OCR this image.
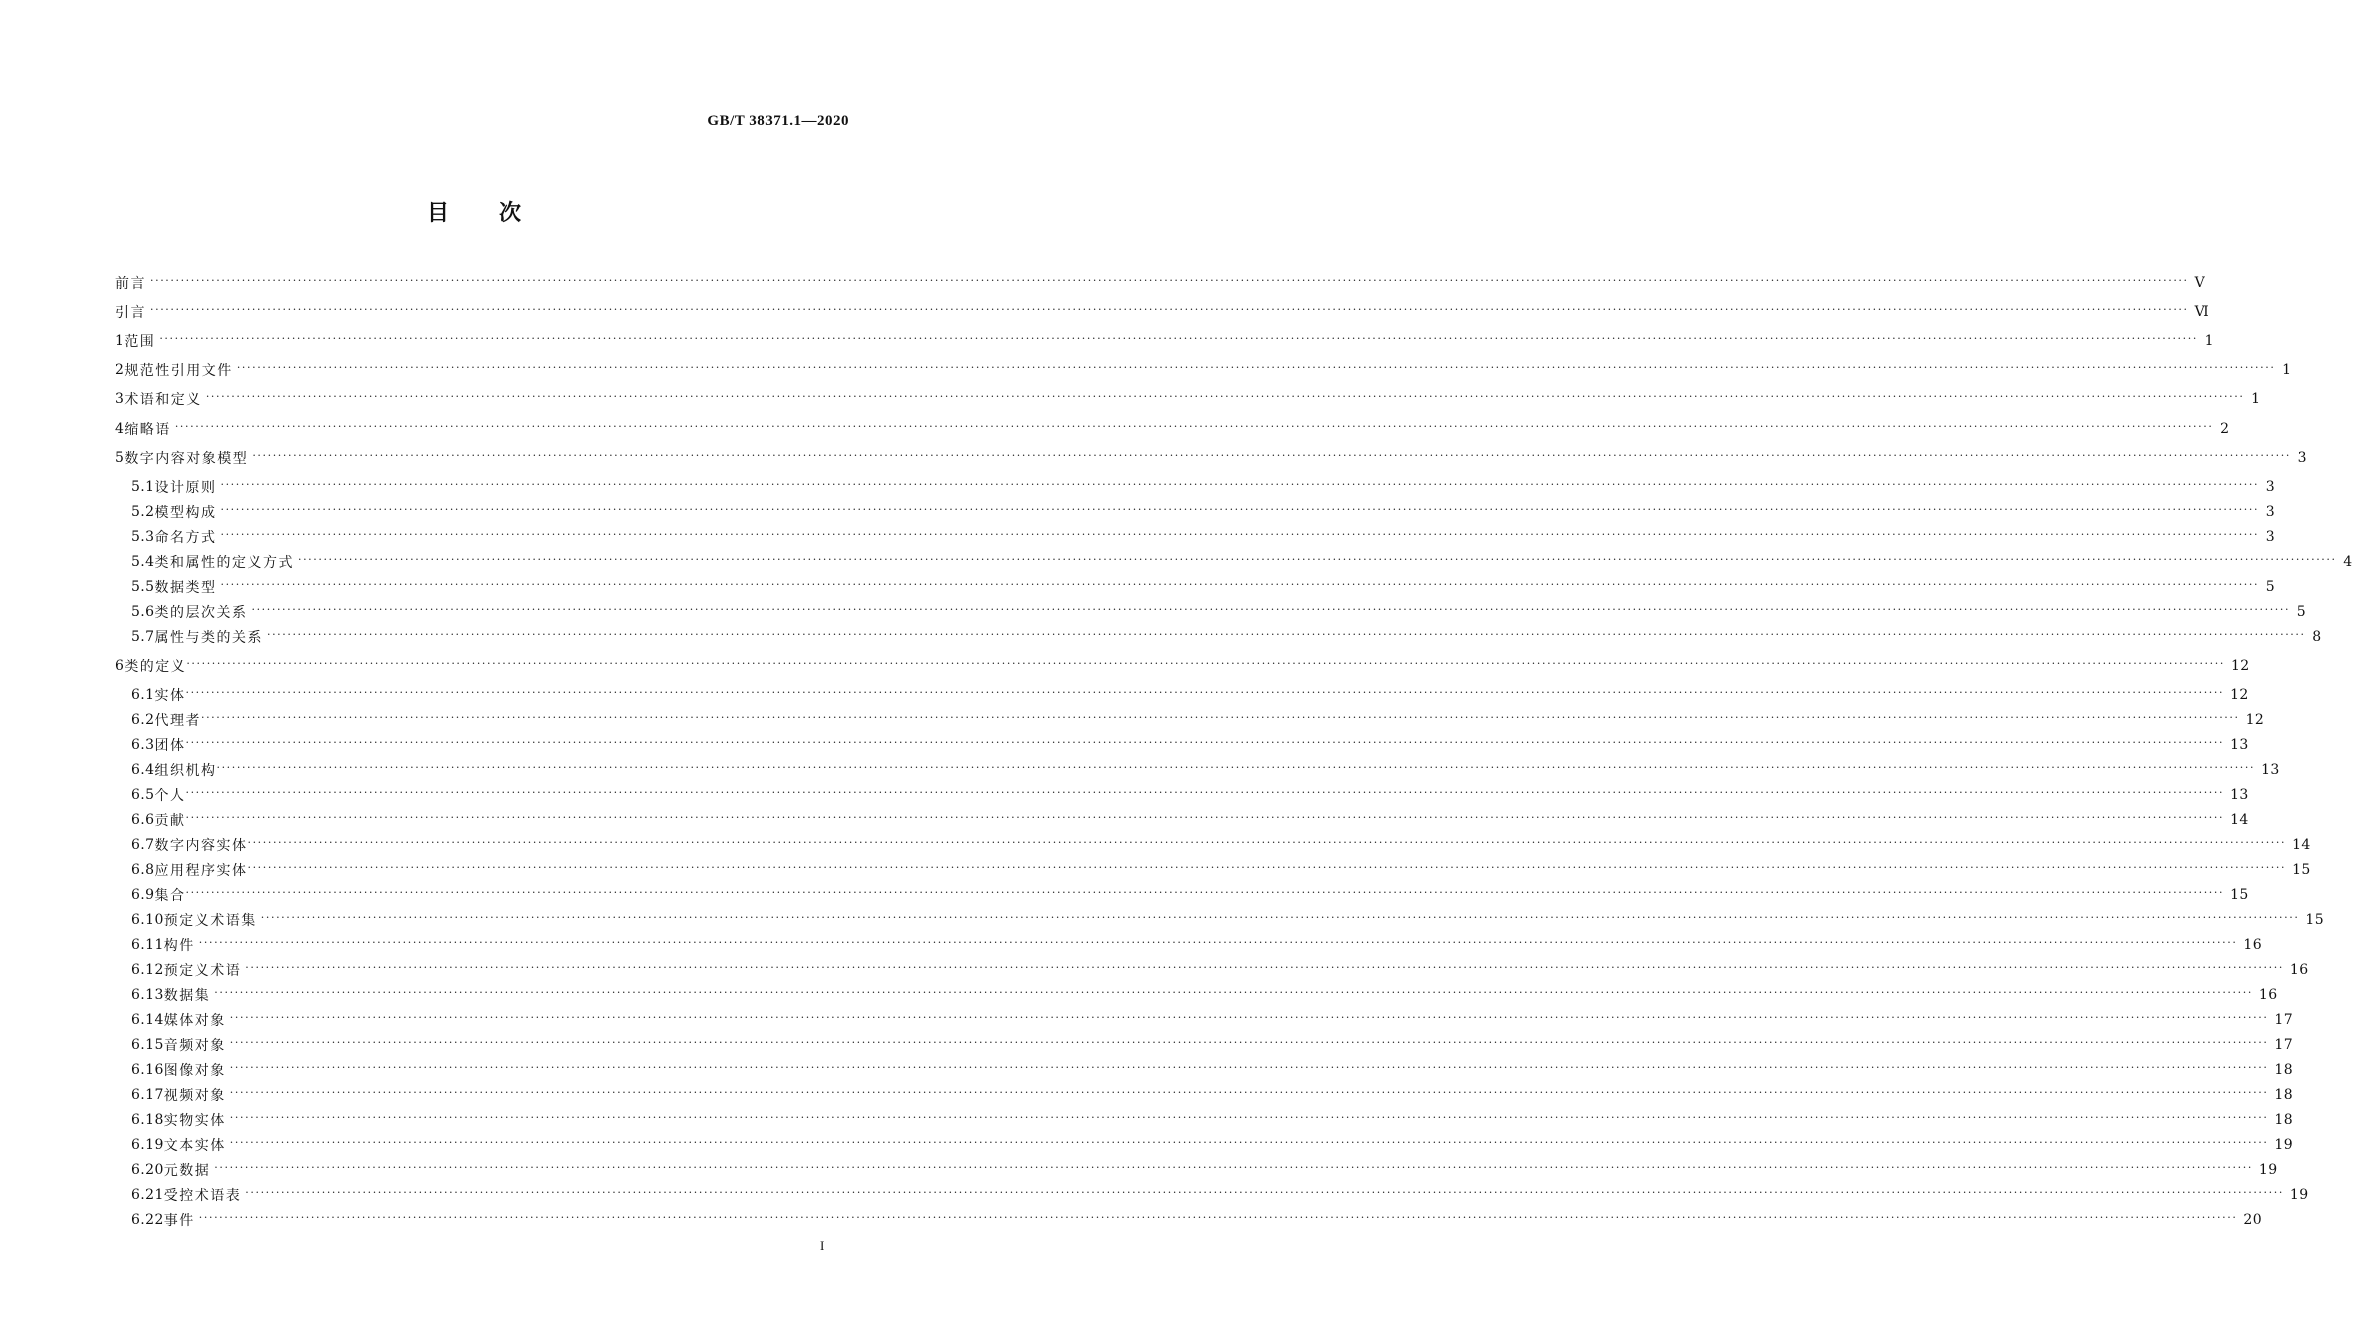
GB/T 38371.1—2020
目 次
前言 ················································································································································································································································································································································································································ Ⅴ
引言 ················································································································································································································································································································································································································ Ⅵ
1 范围 ················································································································································································································································································································································································································ 1
2 规范性引用文件 ················································································································································································································································································································································································································ 1
3 术语和定义 ················································································································································································································································································································································································································ 1
4 缩略语 ················································································································································································································································································································································································································ 2
5 数字内容对象模型 ················································································································································································································································································································································································································ 3
5.1 设计原则 ················································································································································································································································································································································································································ 3
5.2 模型构成 ················································································································································································································································································································································································································ 3
5.3 命名方式 ················································································································································································································································································································································································································ 3
5.4 类和属性的定义方式 ················································································································································································································································································································································································································ 4
5.5 数据类型 ················································································································································································································································································································································································································ 5
5.6 类的层次关系 ················································································································································································································································································································································································································ 5
5.7 属性与类的关系 ················································································································································································································································································································································································································ 8
6 类的定义 ················································································································································································································································································································································································································ 12
6.1 实体 ················································································································································································································································································································································································································ 12
6.2 代理者 ················································································································································································································································································································································································································ 12
6.3 团体 ················································································································································································································································································································································································································ 13
6.4 组织机构 ················································································································································································································································································································································································································ 13
6.5 个人 ················································································································································································································································································································································································································ 13
6.6 贡献 ················································································································································································································································································································································································································ 14
6.7 数字内容实体 ················································································································································································································································································································································································································ 14
6.8 应用程序实体 ················································································································································································································································································································································································································ 15
6.9 集合 ················································································································································································································································································································································································································ 15
6.10 预定义术语集 ················································································································································································································································································································································································································ 15
6.11 构件 ················································································································································································································································································································································································································ 16
6.12 预定义术语 ················································································································································································································································································································································································································ 16
6.13 数据集 ················································································································································································································································································································································································································ 16
6.14 媒体对象 ················································································································································································································································································································································································································ 17
6.15 音频对象 ················································································································································································································································································································································································································ 17
6.16 图像对象 ················································································································································································································································································································································································································ 18
6.17 视频对象 ················································································································································································································································································································································································································ 18
6.18 实物实体 ················································································································································································································································································································································································································ 18
6.19 文本实体 ················································································································································································································································································································································································································ 19
6.20 元数据 ················································································································································································································································································································································································································ 19
6.21 受控术语表 ················································································································································································································································································································································································································ 19
6.22 事件 ················································································································································································································································································································································································································ 20
I
